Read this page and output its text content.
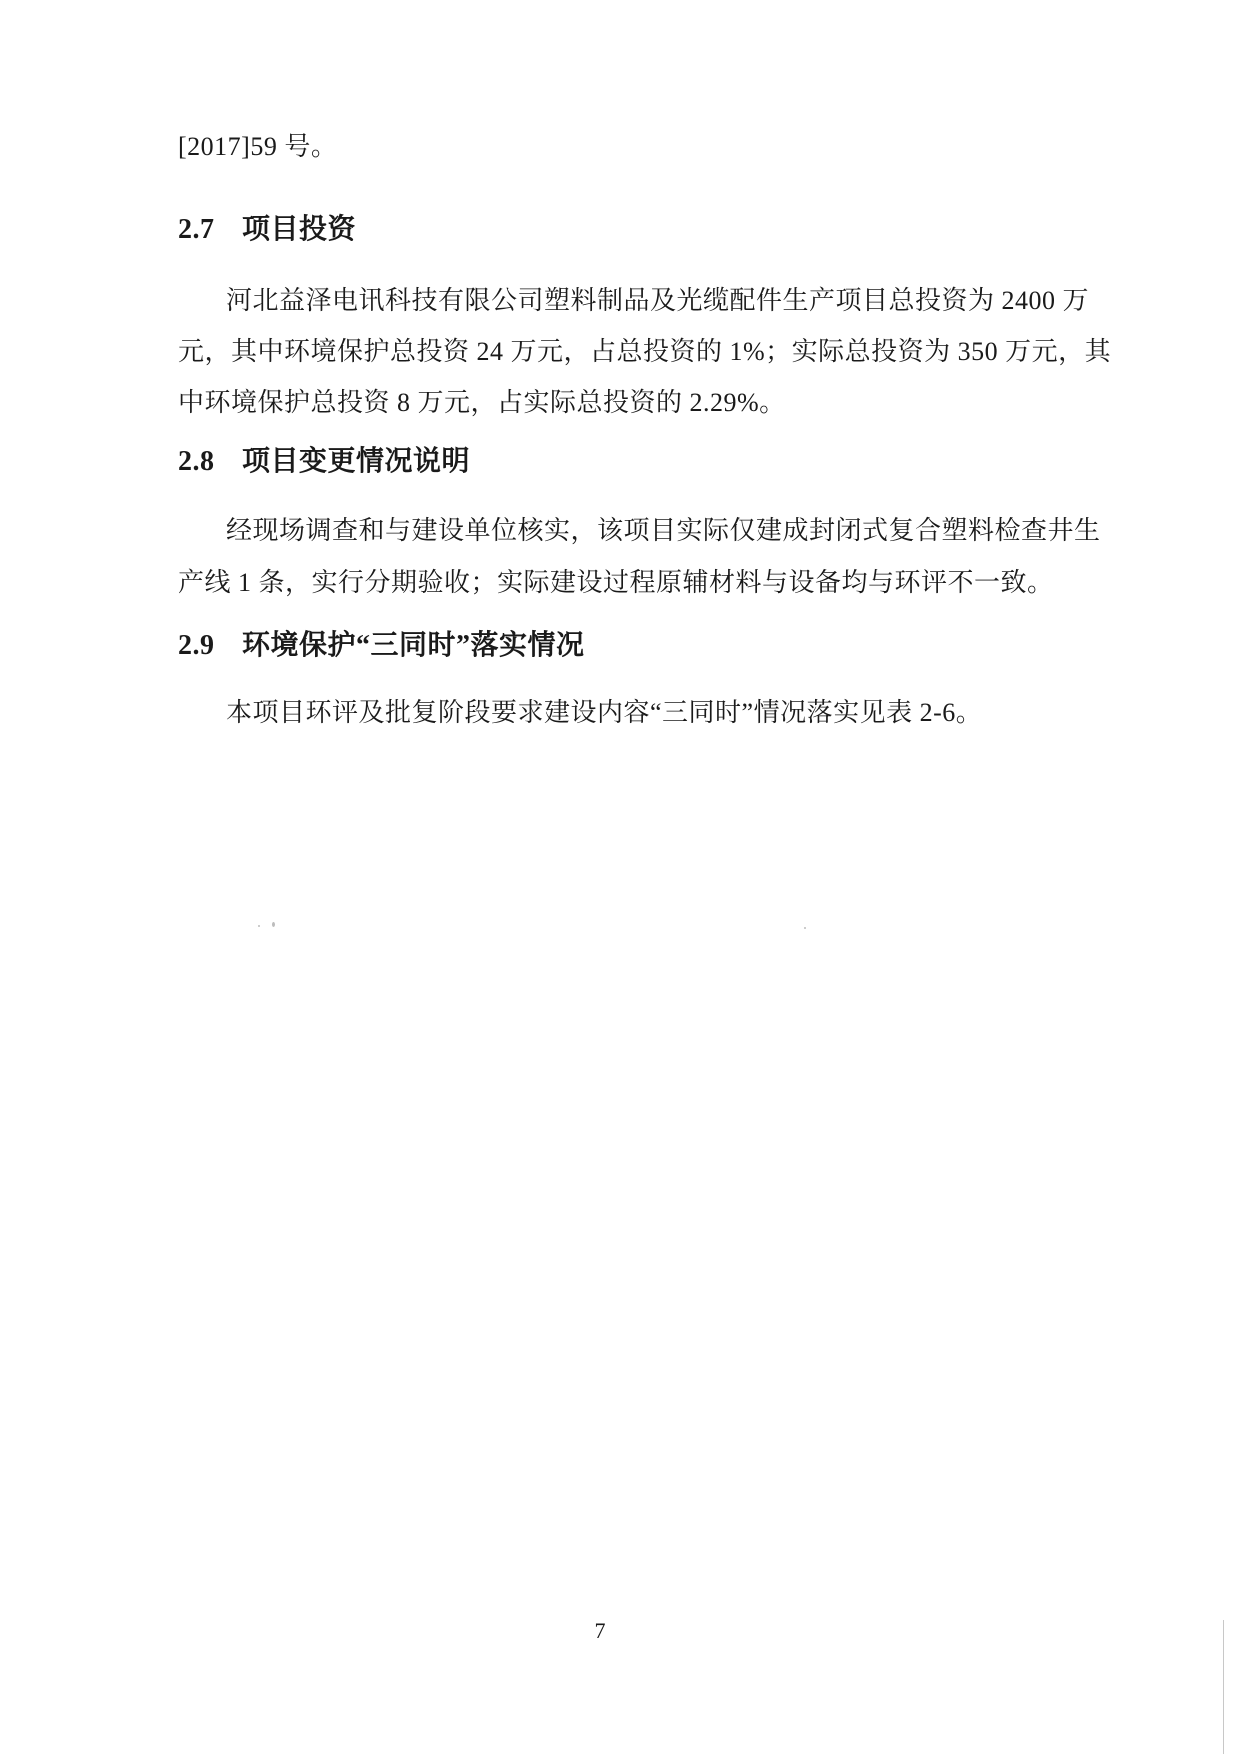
[2017]59 号。
2.7 项目投资
河北益泽电讯科技有限公司塑料制品及光缆配件生产项目总投资为 2400 万
元，其中环境保护总投资 24 万元，占总投资的 1%；实际总投资为 350 万元，其
中环境保护总投资 8 万元，占实际总投资的 2.29%。
2.8 项目变更情况说明
经现场调查和与建设单位核实，该项目实际仅建成封闭式复合塑料检查井生
产线 1 条，实行分期验收；实际建设过程原辅材料与设备均与环评不一致。
2.9 环境保护“三同时”落实情况
本项目环评及批复阶段要求建设内容“三同时”情况落实见表 2-6。
7
